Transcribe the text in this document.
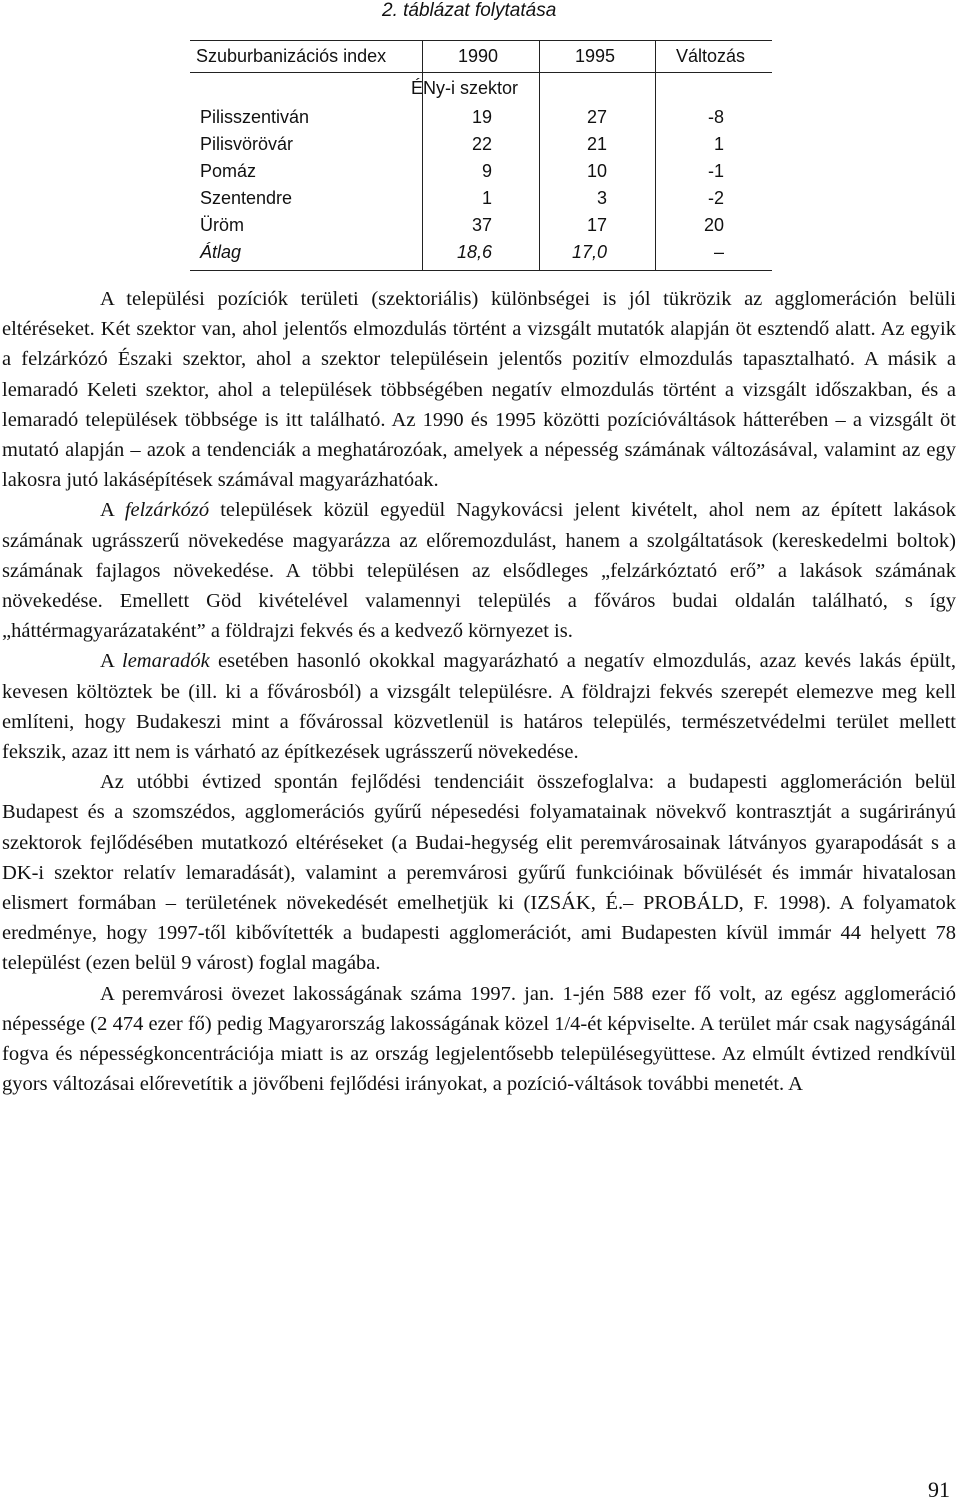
2. táblázat folytatása
Szuburbanizációs index	1990	1995	Változás
ÉNy-i szektor
Pilisszentiván	19	27	-8
Pilisvörövár	22	21	1
Pomáz	9	10	-1
Szentendre	1	3	-2
Üröm	37	17	20
Átlag	18,6	17,0	–

A települési pozíciók területi (szektoriális) különbségei is jól tükrözik az agglomeráción belüli eltéréseket. Két szektor van, ahol jelentős elmozdulás történt a vizsgált mutatók alapján öt esztendő alatt. Az egyik a felzárkózó Északi szektor, ahol a szektor településein jelentős pozitív elmozdulás tapasztalható. A másik a lemaradó Keleti szektor, ahol a települések többségében negatív elmozdulás történt a vizsgált időszakban, és a lemaradó települések többsége is itt található. Az 1990 és 1995 közötti pozícióváltások hátterében – a vizsgált öt mutató alapján – azok a tendenciák a meghatározóak, amelyek a népesség számának változásával, valamint az egy lakosra jutó lakásépítések számával magyarázhatóak.

A felzárkózó települések közül egyedül Nagykovácsi jelent kivételt, ahol nem az épített lakások számának ugrásszerű növekedése magyarázza az előremozdulást, hanem a szolgáltatások (kereskedelmi boltok) számának fajlagos növekedése. A többi településen az elsődleges „felzárkóztató erő” a lakások számának növekedése. Emellett Göd kivételével valamennyi település a főváros budai oldalán található, s így „háttérmagyarázataként” a földrajzi fekvés és a kedvező környezet is.

A lemaradók esetében hasonló okokkal magyarázható a negatív elmozdulás, azaz kevés lakás épült, kevesen költöztek be (ill. ki a fővárosból) a vizsgált településre. A földrajzi fekvés szerepét elemezve meg kell említeni, hogy Budakeszi mint a fővárossal közvetlenül is határos település, természetvédelmi terület mellett fekszik, azaz itt nem is várható az építkezések ugrásszerű növekedése.

Az utóbbi évtized spontán fejlődési tendenciáit összefoglalva: a budapesti agglomeráción belül Budapest és a szomszédos, agglomerációs gyűrű népesedési folyamatainak növekvő kontrasztját a sugárirányú szektorok fejlődésében mutatkozó eltéréseket (a Budai-hegység elit peremvárosainak látványos gyarapodását s a DK-i szektor relatív lemaradását), valamint a peremvárosi gyűrű funkcióinak bővülését és immár hivatalosan elismert formában – területének növekedését emelhetjük ki (IZSÁK, É.– PROBÁLD, F. 1998). A folyamatok eredménye, hogy 1997-től kibővítették a budapesti agglomerációt, ami Budapesten kívül immár 44 helyett 78 települést (ezen belül 9 várost) foglal magába.

A peremvárosi övezet lakosságának száma 1997. jan. 1-jén 588 ezer fő volt, az egész agglomeráció népessége (2 474 ezer fő) pedig Magyarország lakosságának közel 1/4-ét képviselte. A terület már csak nagyságánál fogva és népességkoncentrációja miatt is az ország legjelentősebb településegyüttese. Az elmúlt évtized rendkívül gyors változásai előrevetítik a jövőbeni fejlődési irányokat, a pozíció-váltások további menetét. A

91
